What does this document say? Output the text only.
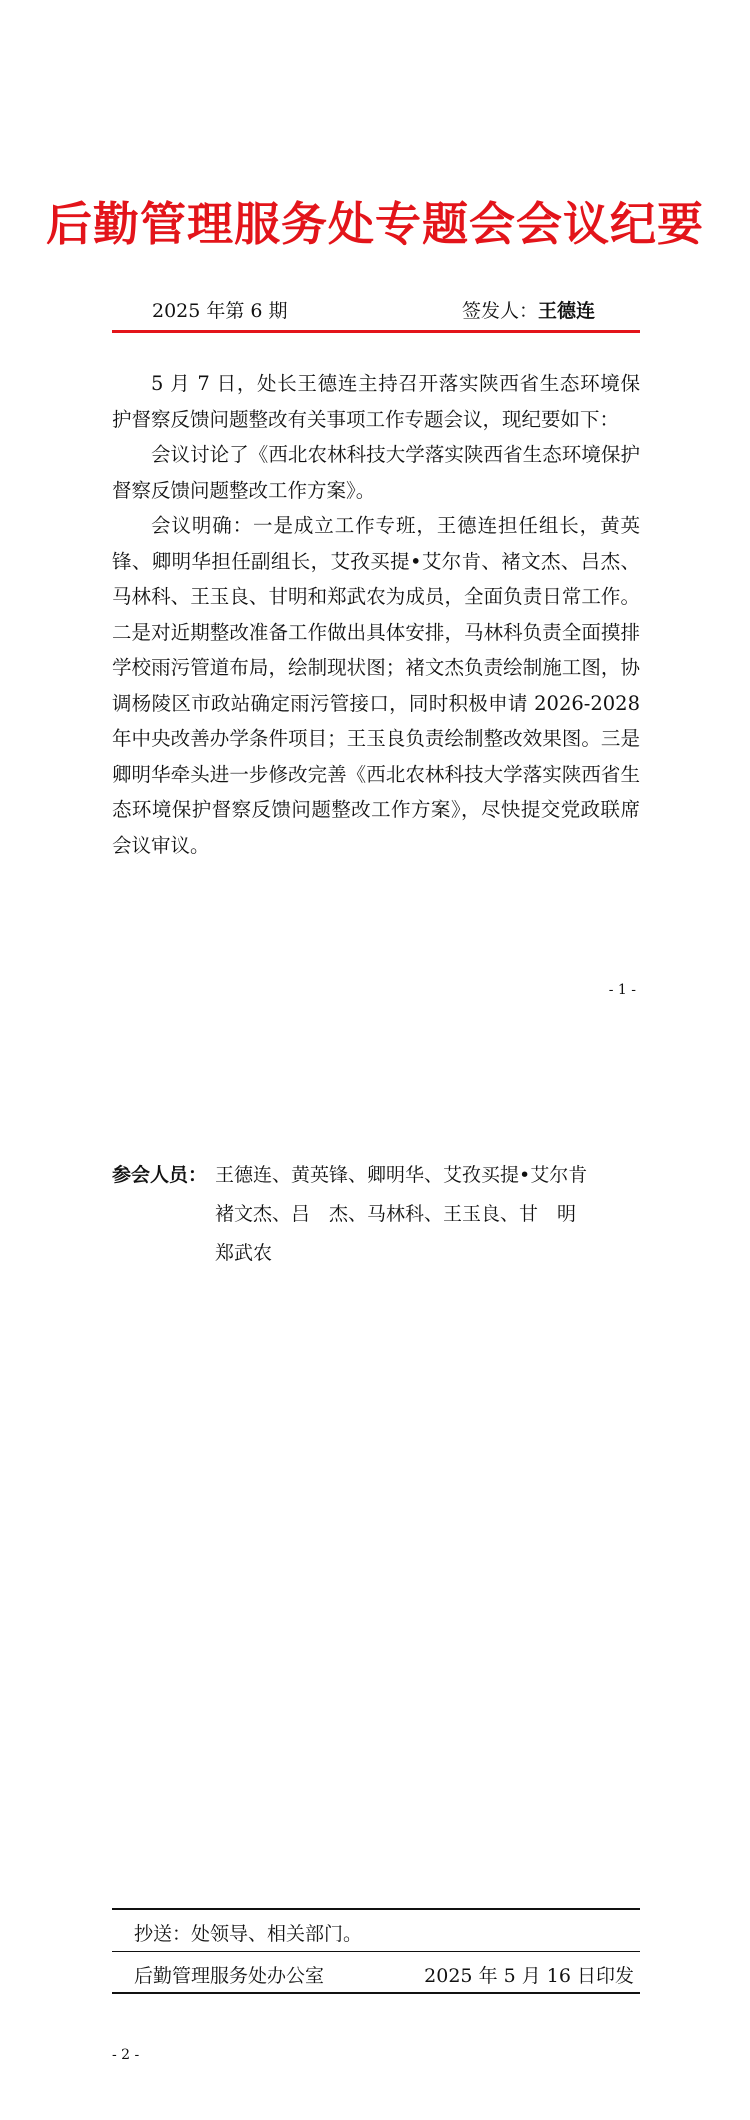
后勤管理服务处专题会会议纪要
2025 年第 6 期	签发人：王德连

5 月 7 日，处长王德连主持召开落实陕西省生态环境保护督察反馈问题整改有关事项工作专题会议，现纪要如下：

会议讨论了《西北农林科技大学落实陕西省生态环境保护督察反馈问题整改工作方案》。

会议明确：一是成立工作专班，王德连担任组长，黄英锋、卿明华担任副组长，艾孜买提•艾尔肯、褚文杰、吕杰、马林科、王玉良、甘明和郑武农为成员，全面负责日常工作。二是对近期整改准备工作做出具体安排，马林科负责全面摸排学校雨污管道布局，绘制现状图；褚文杰负责绘制施工图，协调杨陵区市政站确定雨污管接口，同时积极申请 2026-2028 年中央改善办学条件项目；王玉良负责绘制整改效果图。三是卿明华牵头进一步修改完善《西北农林科技大学落实陕西省生态环境保护督察反馈问题整改工作方案》，尽快提交党政联席会议审议。

- 1 -
参会人员： 王德连、黄英锋、卿明华、艾孜买提•艾尔肯
褚文杰、吕　杰、马林科、王玉良、甘　明
郑武农
抄送：处领导、相关部门。
后勤管理服务处办公室	2025 年 5 月 16 日印发
- 2 -
